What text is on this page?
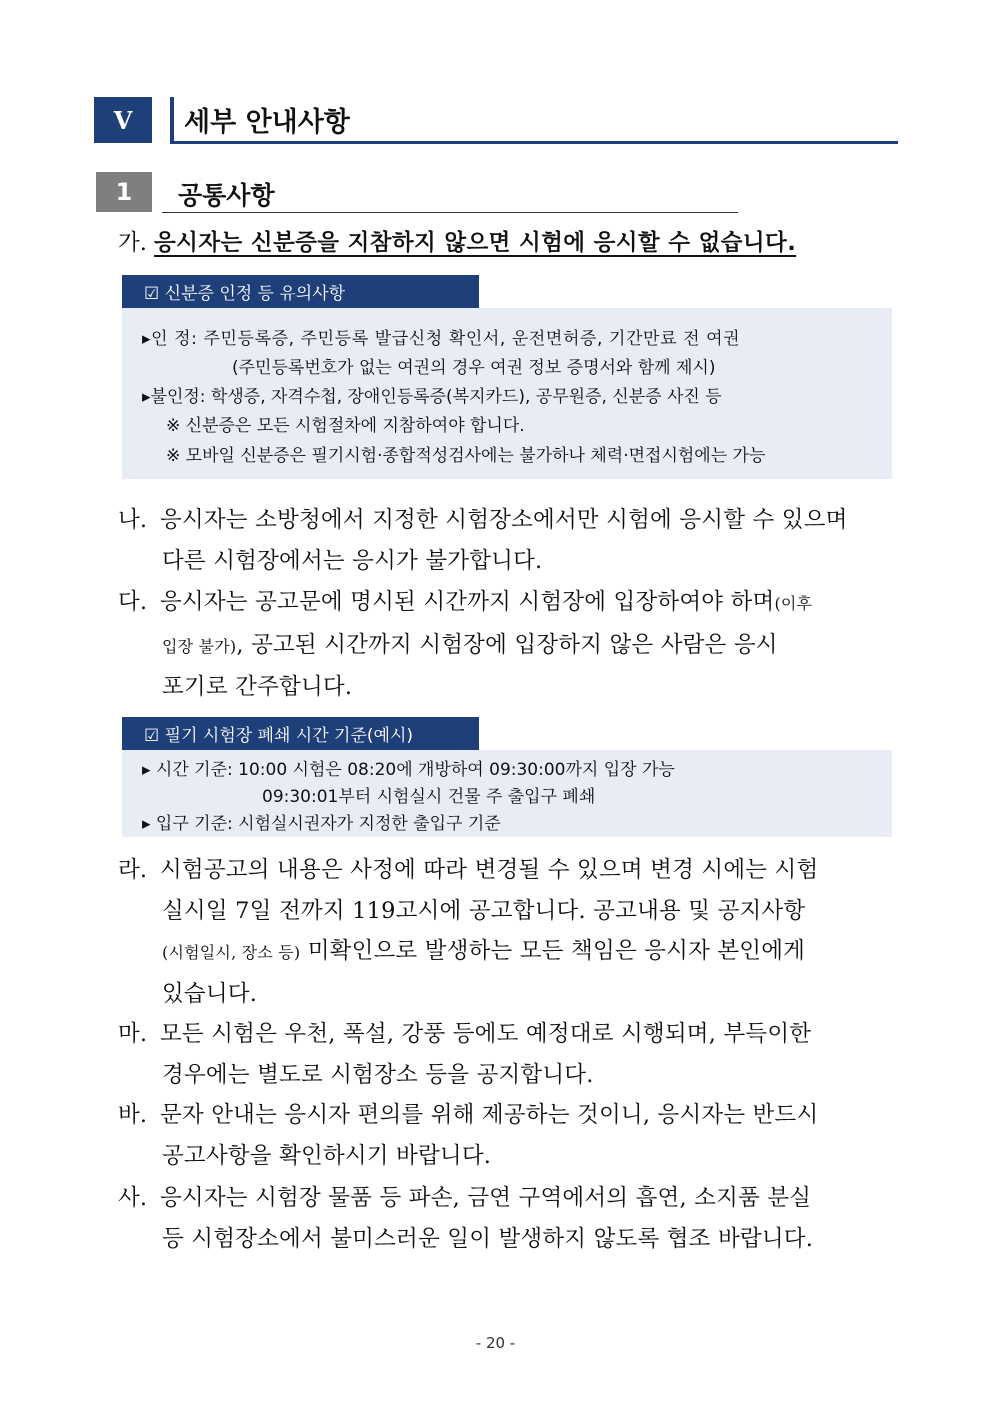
V	세부 안내사항
1	공통사항
가. 응시자는 신분증을 지참하지 않으면 시험에 응시할 수 없습니다.
☑ 신분증 인정 등 유의사항
▸인 정: 주민등록증, 주민등록 발급신청 확인서, 운전면허증, 기간만료 전 여권
(주민등록번호가 없는 여권의 경우 여권 정보 증명서와 함께 제시)
▸불인정: 학생증, 자격수첩, 장애인등록증(복지카드), 공무원증, 신분증 사진 등
※ 신분증은 모든 시험절차에 지참하여야 합니다.
※ 모바일 신분증은 필기시험·종합적성검사에는 불가하나 체력·면접시험에는 가능
나. 응시자는 소방청에서 지정한 시험장소에서만 시험에 응시할 수 있으며
다른 시험장에서는 응시가 불가합니다.
다. 응시자는 공고문에 명시된 시간까지 시험장에 입장하여야 하며(이후
입장 불가), 공고된 시간까지 시험장에 입장하지 않은 사람은 응시
포기로 간주합니다.
☑ 필기 시험장 폐쇄 시간 기준(예시)
▸ 시간 기준: 10:00 시험은 08:20에 개방하여 09:30:00까지 입장 가능
09:30:01부터 시험실시 건물 주 출입구 폐쇄
▸ 입구 기준: 시험실시권자가 지정한 출입구 기준
라. 시험공고의 내용은 사정에 따라 변경될 수 있으며 변경 시에는 시험
실시일 7일 전까지 119고시에 공고합니다. 공고내용 및 공지사항
(시험일시, 장소 등) 미확인으로 발생하는 모든 책임은 응시자 본인에게
있습니다.
마. 모든 시험은 우천, 폭설, 강풍 등에도 예정대로 시행되며, 부득이한
경우에는 별도로 시험장소 등을 공지합니다.
바. 문자 안내는 응시자 편의를 위해 제공하는 것이니, 응시자는 반드시
공고사항을 확인하시기 바랍니다.
사. 응시자는 시험장 물품 등 파손, 금연 구역에서의 흡연, 소지품 분실
등 시험장소에서 불미스러운 일이 발생하지 않도록 협조 바랍니다.
- 20 -
